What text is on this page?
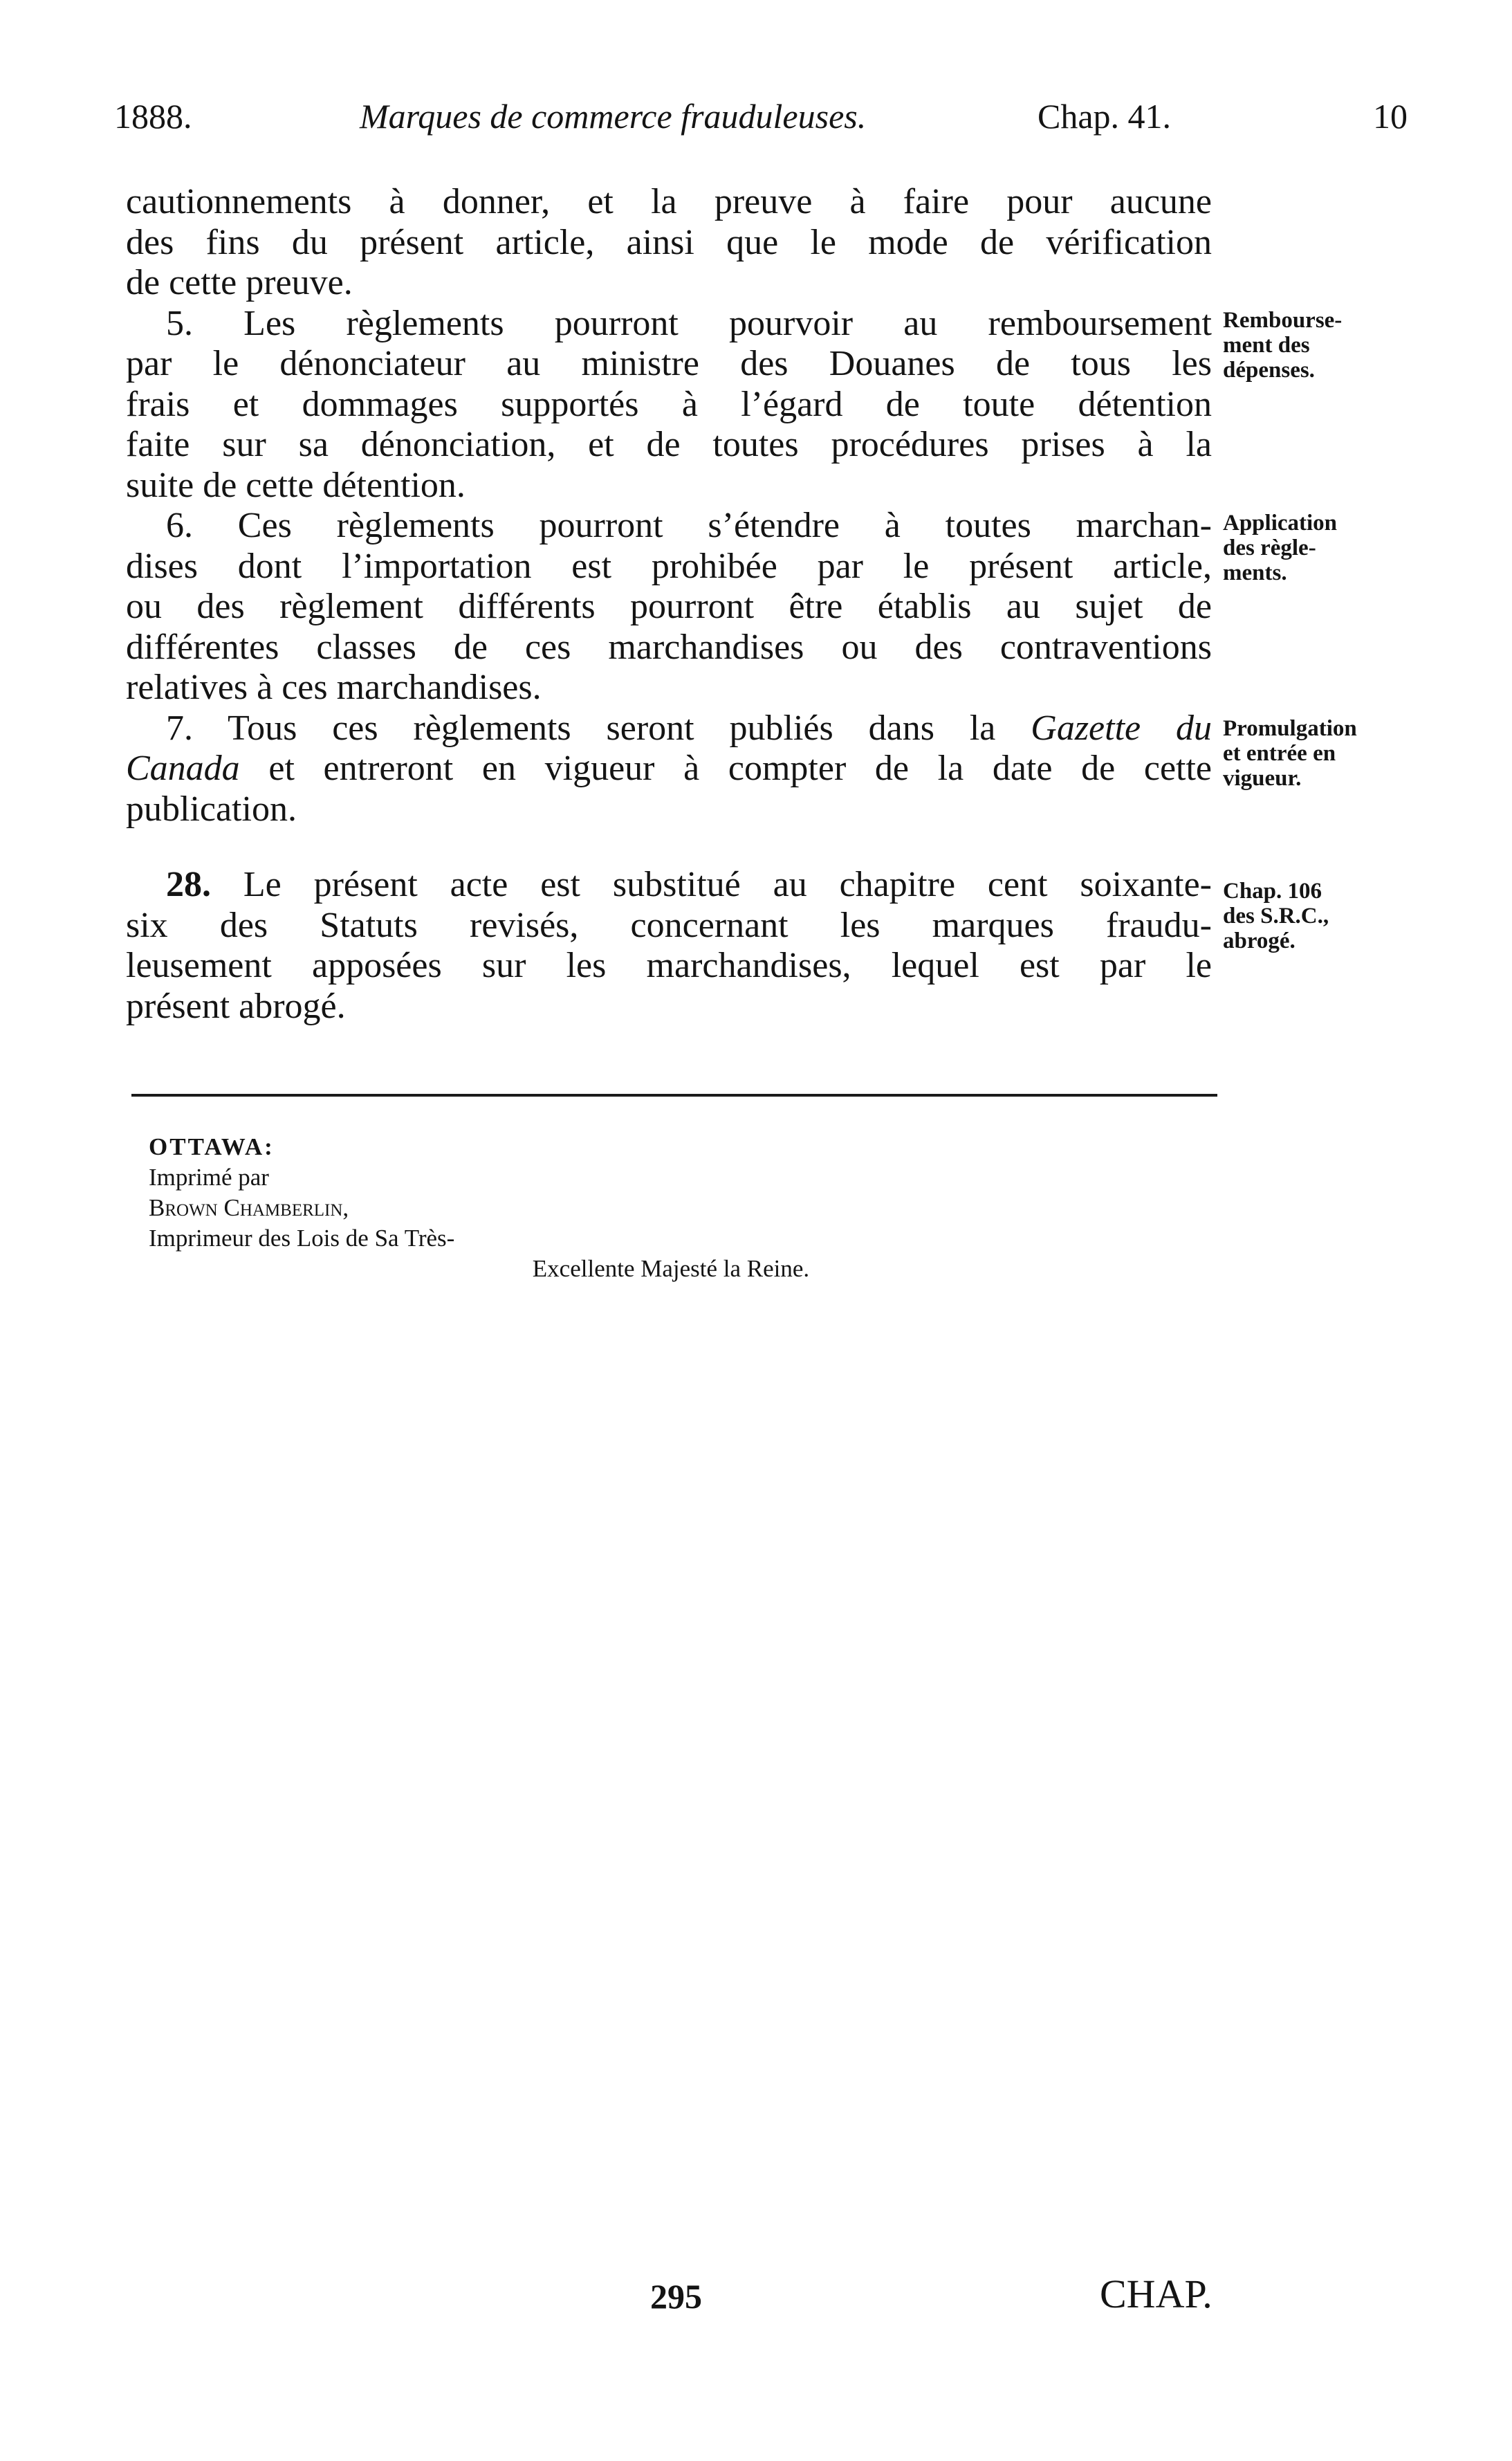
1888.	Marques de commerce frauduleuses.	Chap. 41.	10
cautionnements à donner, et la preuve à faire pour aucune
des fins du présent article, ainsi que le mode de vérification
de cette preuve.
5. Les règlements pourront pourvoir au remboursement
par le dénonciateur au ministre des Douanes de tous les
frais et dommages supportés à l’égard de toute détention
faite sur sa dénonciation, et de toutes procédures prises à la
suite de cette détention.
6. Ces règlements pourront s’étendre à toutes marchan-
dises dont l’importation est prohibée par le présent article,
ou des règlement différents pourront être établis au sujet de
différentes classes de ces marchandises ou des contraventions
relatives à ces marchandises.
7. Tous ces règlements seront publiés dans la Gazette du
Canada et entreront en vigueur à compter de la date de cette
publication.
28. Le présent acte est substitué au chapitre cent soixante-
six des Statuts revisés, concernant les marques fraudu-
leusement apposées sur les marchandises, lequel est par le
présent abrogé.
Rembourse-
ment des
dépenses.
Application
des règle-
ments.
Promulgation
et entrée en
vigueur.
Chap. 106
des S.R.C.,
abrogé.
OTTAWA:
Imprimé par
Brown Chamberlin,
Imprimeur des Lois de Sa Très-
Excellente Majesté la Reine.
295	CHAP.
